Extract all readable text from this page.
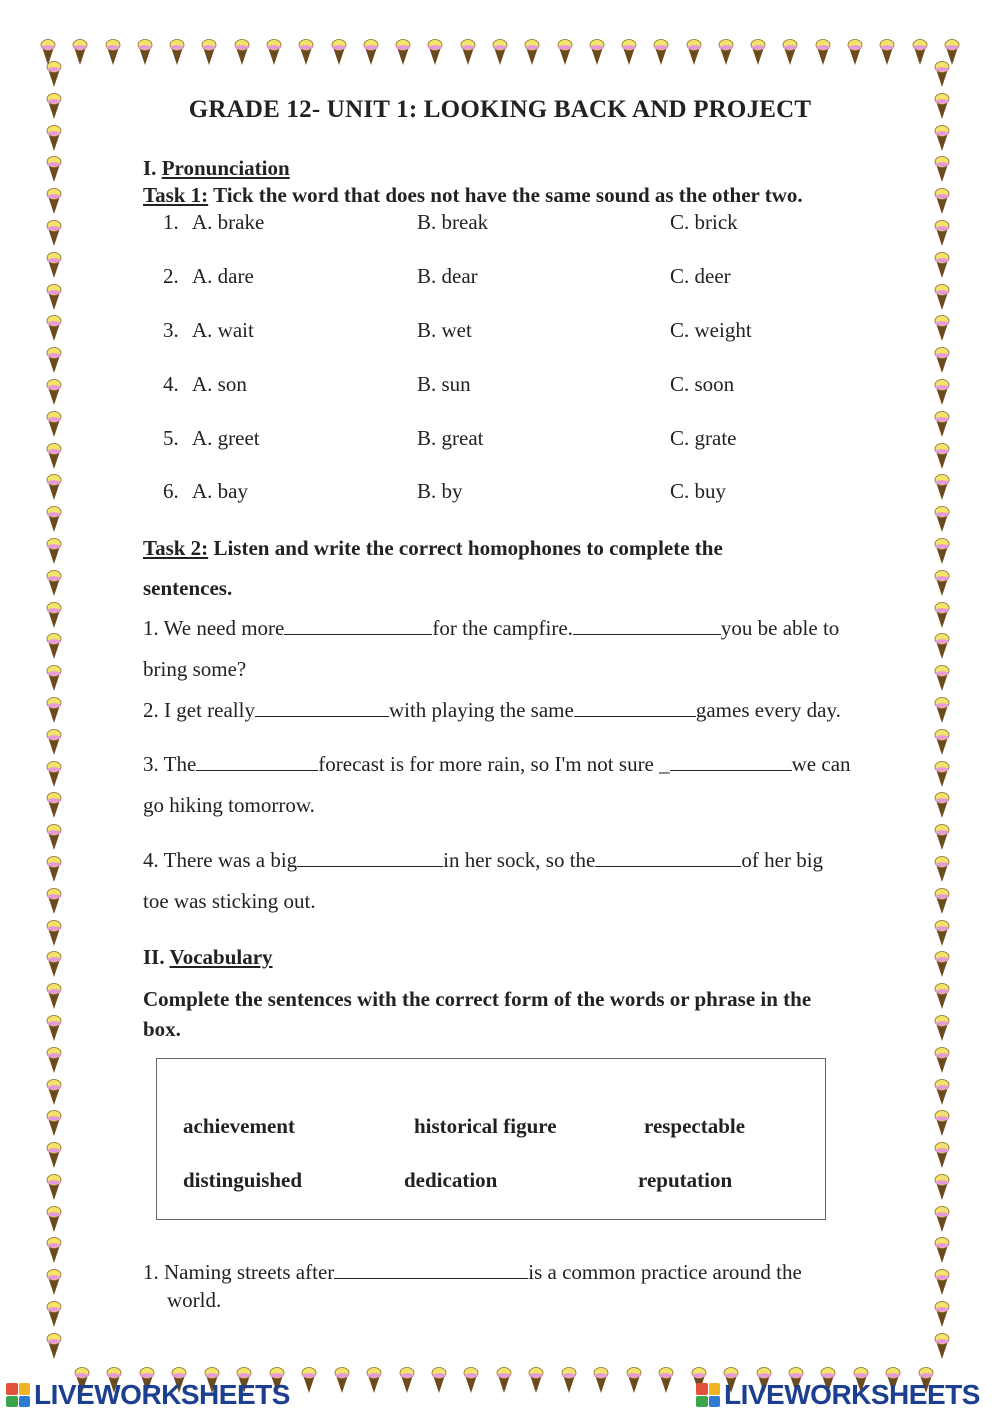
GRADE 12- UNIT 1: LOOKING BACK AND PROJECT
I. Pronunciation
Task 1: Tick the word that does not have the same sound as the other two.
1. A. brake	B. break	C. brick
2. A. dare	B. dear	C. deer
3. A. wait	B. wet	C. weight
4. A. son	B. sun	C. soon
5. A. greet	B. great	C. grate
6. A. bay	B. by	C. buy
Task 2: Listen and write the correct homophones to complete the
sentences.
1. We need more	for the campfire.	you be able to
bring some?
2. I get really	with playing the same	games every day.
3. The	forecast is for more rain, so I'm not sure _	we can
go hiking tomorrow.
4. There was a big	in her sock, so the	of her big
toe was sticking out.
II. Vocabulary
Complete the sentences with the correct form of the words or phrase in the
box.
achievement	historical figure	respectable
distinguished	dedication	reputation
1. Naming streets after	is a common practice around the
world.
LIVEWORKSHEETS	LIVEWORKSHEETS
